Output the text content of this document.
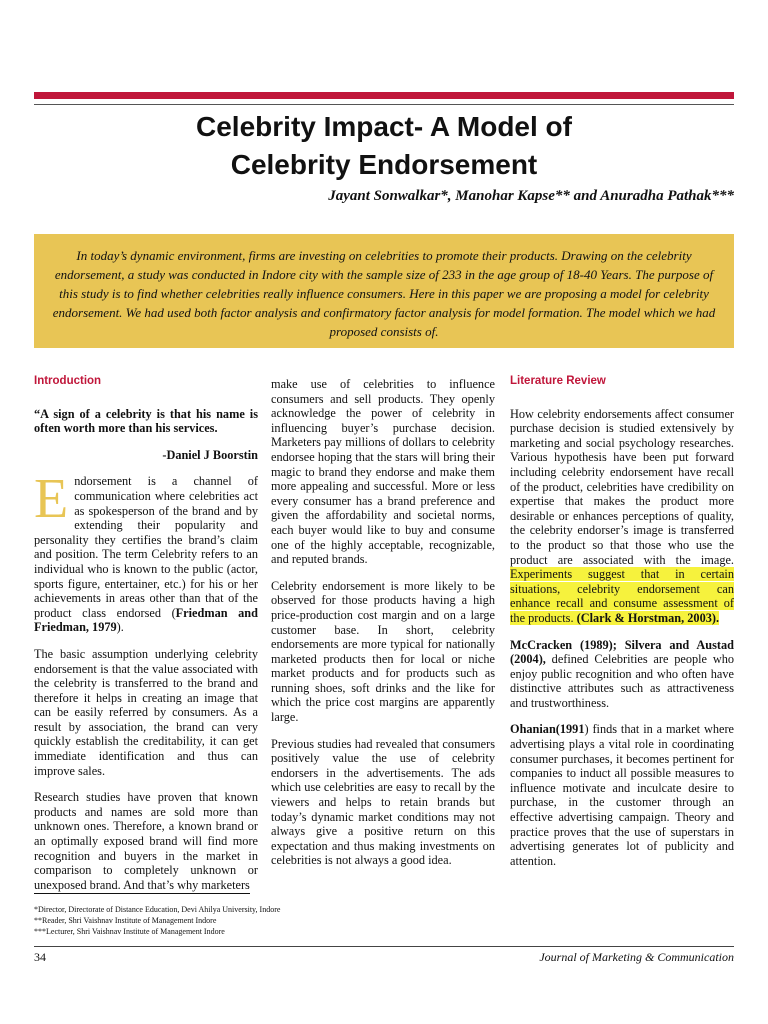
Celebrity Impact- A Model of
Celebrity Endorsement
Jayant Sonwalkar*, Manohar Kapse** and Anuradha Pathak***
In today’s dynamic environment, firms are investing on celebrities to promote their products. Drawing on the celebrity endorsement, a study was conducted in Indore city with the sample size of 233 in the age group of 18-40 Years. The purpose of this study is to find whether celebrities really influence consumers. Here in this paper we are proposing a model for celebrity endorsement. We had used both factor analysis and confirmatory factor analysis for model formation. The model which we had proposed consists of.
Introduction

“A sign of a celebrity is that his name is often worth more than his services.

-Daniel J Boorstin

Endorsement is a channel of communication where celebrities act as spokesperson of the brand and by extending their popularity and personality they certifies the brand’s claim and position. The term Celebrity refers to an individual who is known to the public (actor, sports figure, entertainer, etc.) for his or her achievements in areas other than that of the product class endorsed (Friedman and Friedman, 1979).

The basic assumption underlying celebrity endorsement is that the value associated with the celebrity is transferred to the brand and therefore it helps in creating an image that can be easily referred by consumers. As a result by association, the brand can very quickly establish the creditability, it can get immediate identification and thus can improve sales.

Research studies have proven that known products and names are sold more than unknown ones. Therefore, a known brand or an optimally exposed brand will find more recognition and buyers in the market in comparison to completely unknown or unexposed brand. And that’s why marketers

make use of celebrities to influence consumers and sell products. They openly acknowledge the power of celebrity in influencing buyer’s purchase decision. Marketers pay millions of dollars to celebrity endorsee hoping that the stars will bring their magic to brand they endorse and make them more appealing and successful. More or less every consumer has a brand preference and given the affordability and societal norms, each buyer would like to buy and consume one of the highly acceptable, recognizable, and reputed brands.

Celebrity endorsement is more likely to be observed for those products having a high price-production cost margin and on a large customer base. In short, celebrity endorsements are more typical for nationally marketed products then for local or niche market products and for products such as running shoes, soft drinks and the like for which the price cost margins are apparently large.

Previous studies had revealed that consumers positively value the use of celebrity endorsers in the advertisements. The ads which use celebrities are easy to recall by the viewers and helps to retain brands but today’s dynamic market conditions may not always give a positive return on this expectation and thus making investments on celebrities is not always a good idea.

Literature Review

How celebrity endorsements affect consumer purchase decision is studied extensively by marketing and social psychology researches. Various hypothesis have been put forward including celebrity endorsement have recall of the product, celebrities have credibility on expertise that makes the product more desirable or enhances perceptions of quality, the celebrity endorser’s image is transferred to the product so that those who use the product are associated with the image. Experiments suggest that in certain situations, celebrity endorsement can enhance recall and consume assessment of the products. (Clark & Horstman, 2003).

McCracken (1989); Silvera and Austad (2004), defined Celebrities are people who enjoy public recognition and who often have distinctive attributes such as attractiveness and trustworthiness.

Ohanian(1991) finds that in a market where advertising plays a vital role in coordinating consumer purchases, it becomes pertinent for companies to induct all possible measures to influence motivate and inculcate desire to purchase, in the customer through an effective advertising campaign. Theory and practice proves that the use of superstars in advertising generates lot of publicity and attention.

*Director, Directorate of Distance Education, Devi Ahilya University, Indore
**Reader, Shri Vaishnav Institute of Management Indore
***Lecturer, Shri Vaishnav Institute of Management Indore
34	Journal of Marketing & Communication
